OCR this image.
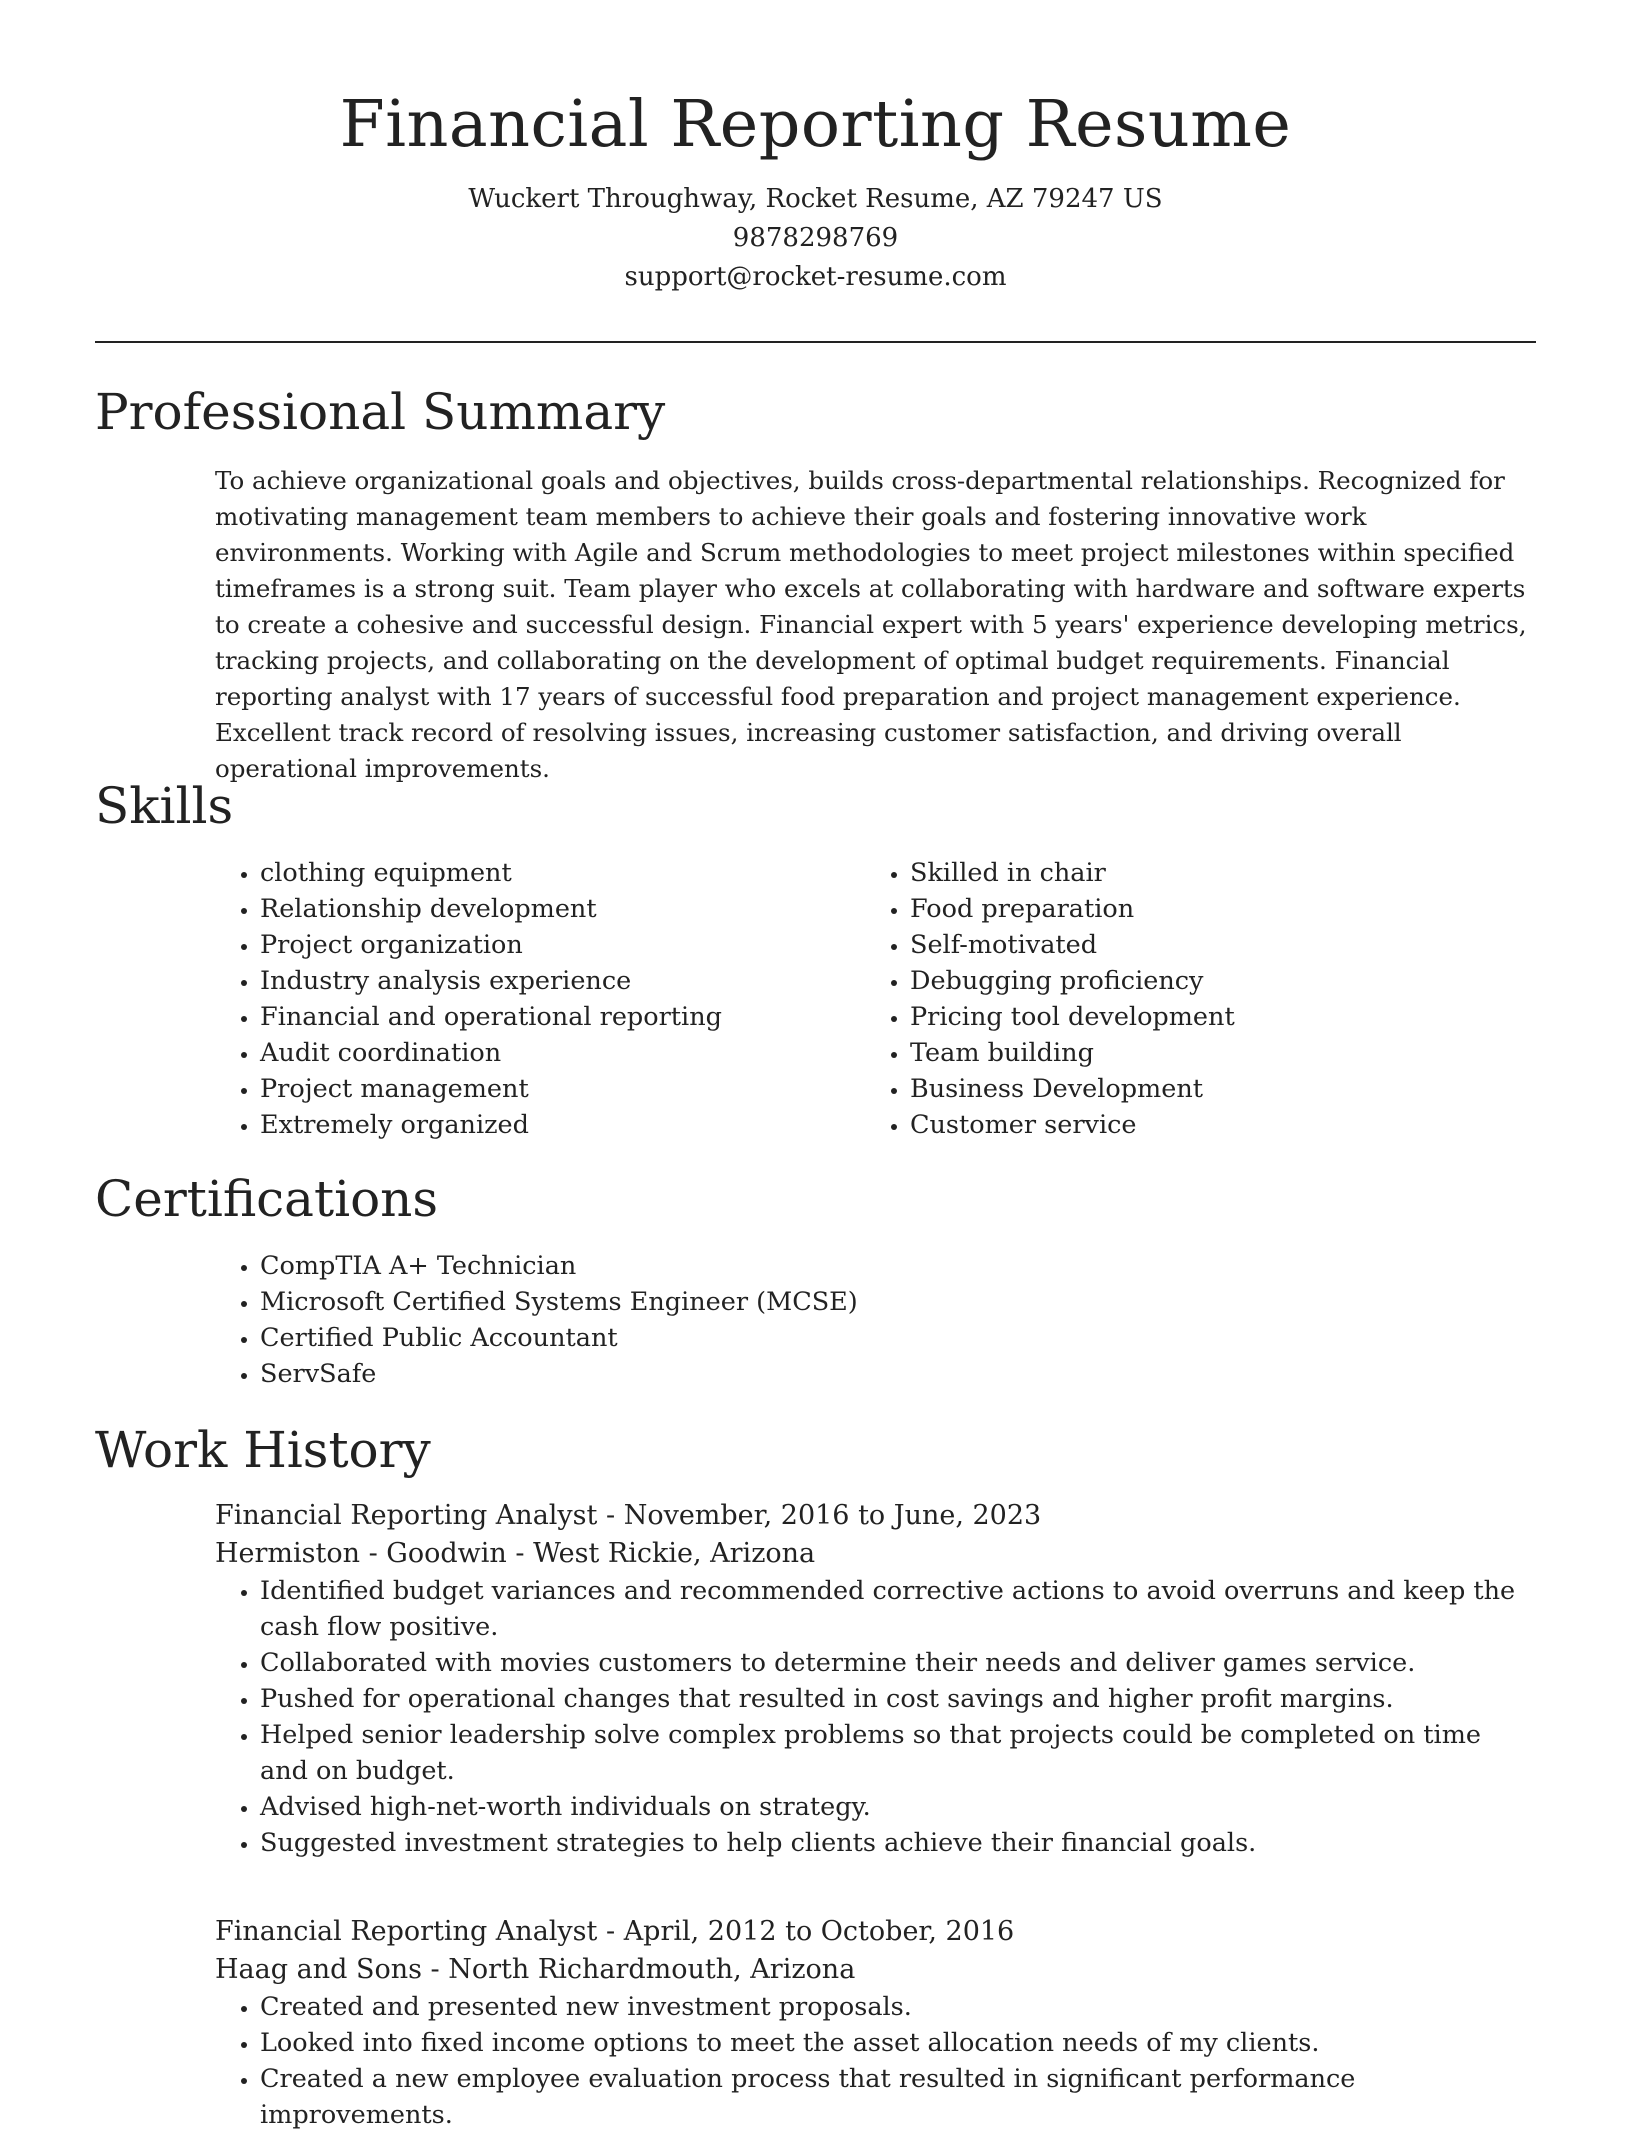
Financial Reporting Resume
Wuckert Throughway, Rocket Resume, AZ 79247 US
9878298769
support@rocket-resume.com
Professional Summary

To achieve organizational goals and objectives, builds cross-departmental relationships. Recognized for motivating management team members to achieve their goals and fostering innovative work environments. Working with Agile and Scrum methodologies to meet project milestones within specified timeframes is a strong suit. Team player who excels at collaborating with hardware and software experts to create a cohesive and successful design. Financial expert with 5 years' experience developing metrics, tracking projects, and collaborating on the development of optimal budget requirements. Financial reporting analyst with 17 years of successful food preparation and project management experience. Excellent track record of resolving issues, increasing customer satisfaction, and driving overall operational improvements.

Skills
• clothing equipment
• Relationship development
• Project organization
• Industry analysis experience
• Financial and operational reporting
• Audit coordination
• Project management
• Extremely organized
• Skilled in chair
• Food preparation
• Self-motivated
• Debugging proficiency
• Pricing tool development
• Team building
• Business Development
• Customer service
Certifications
• CompTIA A+ Technician
• Microsoft Certified Systems Engineer (MCSE)
• Certified Public Accountant
• ServSafe
Work History
Financial Reporting Analyst - November, 2016 to June, 2023
Hermiston - Goodwin - West Rickie, Arizona
• Identified budget variances and recommended corrective actions to avoid overruns and keep the cash flow positive.
• Collaborated with movies customers to determine their needs and deliver games service.
• Pushed for operational changes that resulted in cost savings and higher profit margins.
• Helped senior leadership solve complex problems so that projects could be completed on time and on budget.
• Advised high-net-worth individuals on strategy.
• Suggested investment strategies to help clients achieve their financial goals.
Financial Reporting Analyst - April, 2012 to October, 2016
Haag and Sons - North Richardmouth, Arizona
• Created and presented new investment proposals.
• Looked into fixed income options to meet the asset allocation needs of my clients.
• Created a new employee evaluation process that resulted in significant performance improvements.
